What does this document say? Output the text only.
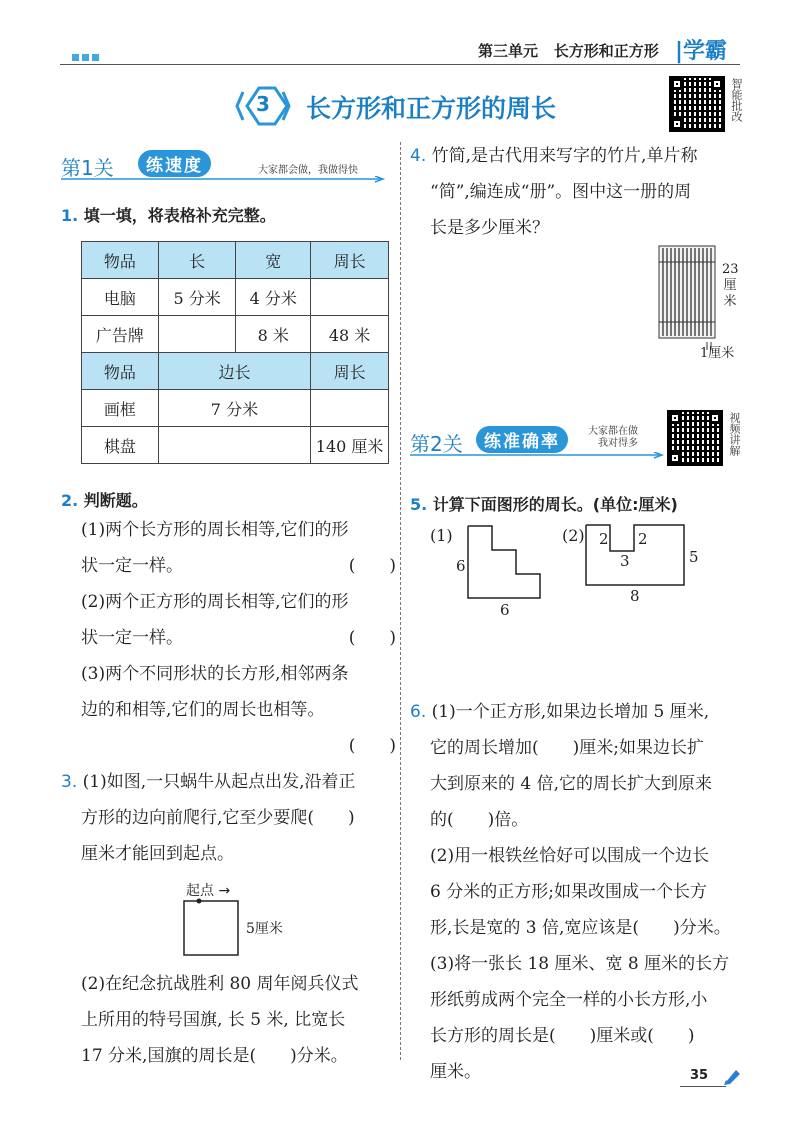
第三单元 长方形和正方形 |学霸
3 长方形和正方形的周长	智能批改
第1关	练速度	大家都会做，我做得快
1. 填一填，将表格补充完整。
物品	长	宽	周长
电脑	5 分米	4 分米	
广告牌		8 米	48 米
物品	边长		周长
画框	7 分米		
棋盘			140 厘米
2. 判断题。
(1)两个长方形的周长相等,它们的形
状一定一样。	(　　)
(2)两个正方形的周长相等,它们的形
状一定一样。	(　　)
(3)两个不同形状的长方形,相邻两条
边的和相等,它们的周长也相等。
(　　)
3. (1)如图,一只蜗牛从起点出发,沿着正
方形的边向前爬行,它至少要爬(　　)
厘米才能回到起点。
起点 →
5厘米
(2)在纪念抗战胜利 80 周年阅兵仪式
上所用的特号国旗, 长 5 米, 比宽长
17 分米,国旗的周长是(　　)分米。
4. 竹简,是古代用来写字的竹片,单片称
“简”,编连成“册”。图中这一册的周
长是多少厘米？
23
厘
米
1厘米
第2关	练准确率
大家都在做
我对得多	视频讲解
5. 计算下面图形的周长。(单位:厘米)
(1)
6
6
(2) 2 2
3	5
8
6. (1)一个正方形,如果边长增加 5 厘米,
它的周长增加(　　)厘米;如果边长扩
大到原来的 4 倍,它的周长扩大到原来
的(　　)倍。
(2)用一根铁丝恰好可以围成一个边长
6 分米的正方形;如果改围成一个长方
形,长是宽的 3 倍,宽应该是(　　)分米。
(3)将一张长 18 厘米、宽 8 厘米的长方
形纸剪成两个完全一样的小长方形,小
长方形的周长是(　　)厘米或(　　)
厘米。	35
